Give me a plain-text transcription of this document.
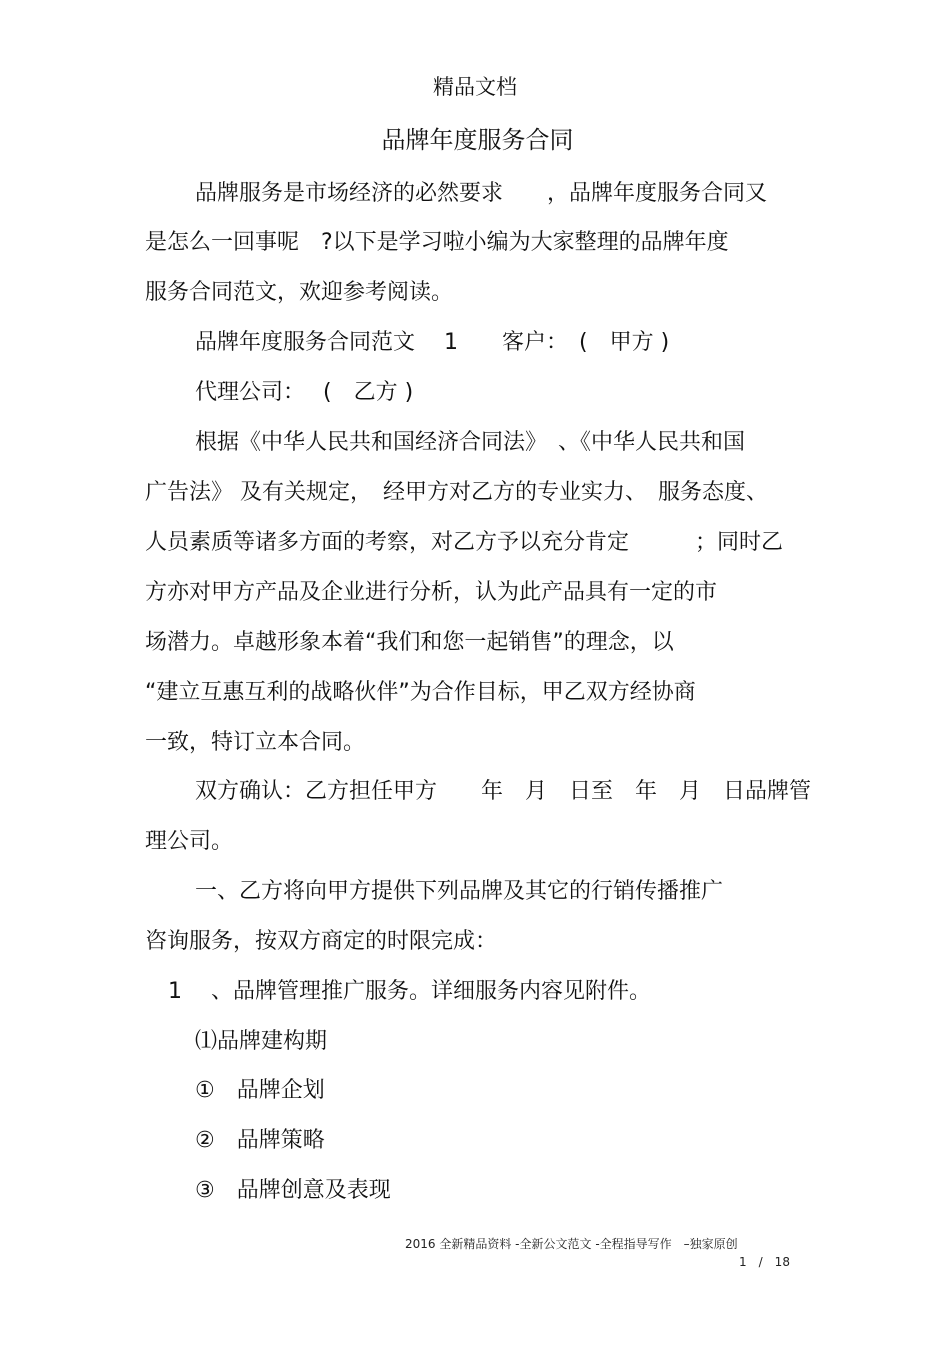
精品文档
品牌年度服务合同
品牌服务是市场经济的必然要求　　，品牌年度服务合同又
是怎么一回事呢　?以下是学习啦小编为大家整理的品牌年度
服务合同范文，欢迎参考阅读。
品牌年度服务合同范文　 1　　客户：　(　甲方 )
代理公司：　 (　乙方 )
根据《中华人民共和国经济合同法》　、《中华人民共和国
广告法》 及有关规定，　经甲方对乙方的专业实力、　服务态度、
人员素质等诸多方面的考察，对乙方予以充分肯定　　　；同时乙
方亦对甲方产品及企业进行分析，认为此产品具有一定的市
场潜力。卓越形象本着“我们和您一起销售”的理念，以
“建立互惠互利的战略伙伴”为合作目标，甲乙双方经协商
一致，特订立本合同。
双方确认：乙方担任甲方　　年　月　日至　年　月　日品牌管
理公司。
一、乙方将向甲方提供下列品牌及其它的行销传播推广
咨询服务，按双方商定的时限完成：
1　 、品牌管理推广服务。详细服务内容见附件。
⑴品牌建构期
①　品牌企划
②　品牌策略
③　品牌创意及表现
2016 全新精品资料 -全新公文范文 -全程指导写作　–独家原创
1　/　18
